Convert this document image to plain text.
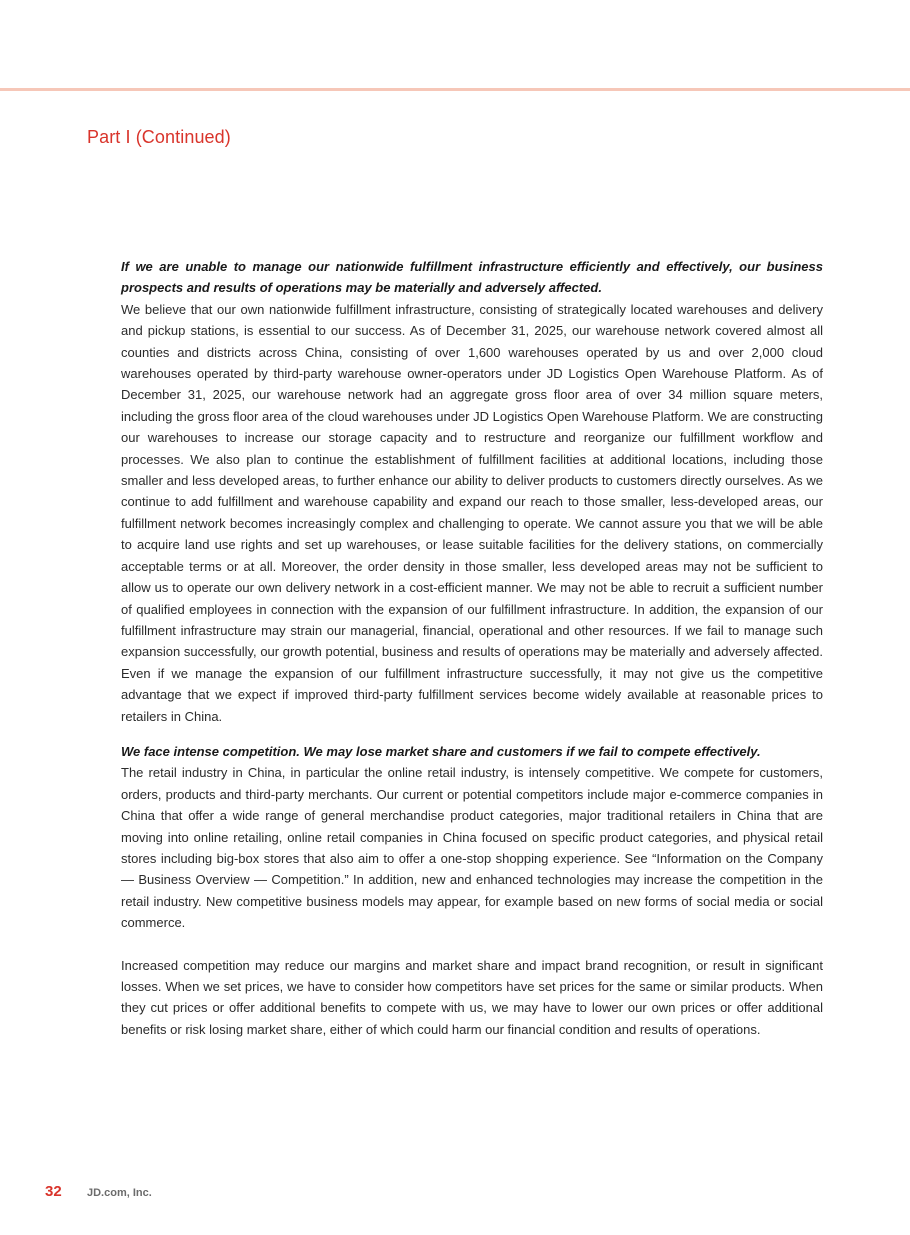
Part I (Continued)

If we are unable to manage our nationwide fulfillment infrastructure efficiently and effectively, our business prospects and results of operations may be materially and adversely affected.

We believe that our own nationwide fulfillment infrastructure, consisting of strategically located warehouses and delivery and pickup stations, is essential to our success. As of December 31, 2025, our warehouse network covered almost all counties and districts across China, consisting of over 1,600 warehouses operated by us and over 2,000 cloud warehouses operated by third-party warehouse owner-operators under JD Logistics Open Warehouse Platform. As of December 31, 2025, our warehouse network had an aggregate gross floor area of over 34 million square meters, including the gross floor area of the cloud warehouses under JD Logistics Open Warehouse Platform. We are constructing our warehouses to increase our storage capacity and to restructure and reorganize our fulfillment workflow and processes. We also plan to continue the establishment of fulfillment facilities at additional locations, including those smaller and less developed areas, to further enhance our ability to deliver products to customers directly ourselves. As we continue to add fulfillment and warehouse capability and expand our reach to those smaller, less-developed areas, our fulfillment network becomes increasingly complex and challenging to operate. We cannot assure you that we will be able to acquire land use rights and set up warehouses, or lease suitable facilities for the delivery stations, on commercially acceptable terms or at all. Moreover, the order density in those smaller, less developed areas may not be sufficient to allow us to operate our own delivery network in a cost-efficient manner. We may not be able to recruit a sufficient number of qualified employees in connection with the expansion of our fulfillment infrastructure. In addition, the expansion of our fulfillment infrastructure may strain our managerial, financial, operational and other resources. If we fail to manage such expansion successfully, our growth potential, business and results of operations may be materially and adversely affected. Even if we manage the expansion of our fulfillment infrastructure successfully, it may not give us the competitive advantage that we expect if improved third-party fulfillment services become widely available at reasonable prices to retailers in China.

We face intense competition. We may lose market share and customers if we fail to compete effectively.

The retail industry in China, in particular the online retail industry, is intensely competitive. We compete for customers, orders, products and third-party merchants. Our current or potential competitors include major e-commerce companies in China that offer a wide range of general merchandise product categories, major traditional retailers in China that are moving into online retailing, online retail companies in China focused on specific product categories, and physical retail stores including big-box stores that also aim to offer a one-stop shopping experience. See “Information on the Company — Business Overview — Competition.” In addition, new and enhanced technologies may increase the competition in the retail industry. New competitive business models may appear, for example based on new forms of social media or social commerce.

Increased competition may reduce our margins and market share and impact brand recognition, or result in significant losses. When we set prices, we have to consider how competitors have set prices for the same or similar products. When they cut prices or offer additional benefits to compete with us, we may have to lower our own prices or offer additional benefits or risk losing market share, either of which could harm our financial condition and results of operations.

32	JD.com, Inc.
